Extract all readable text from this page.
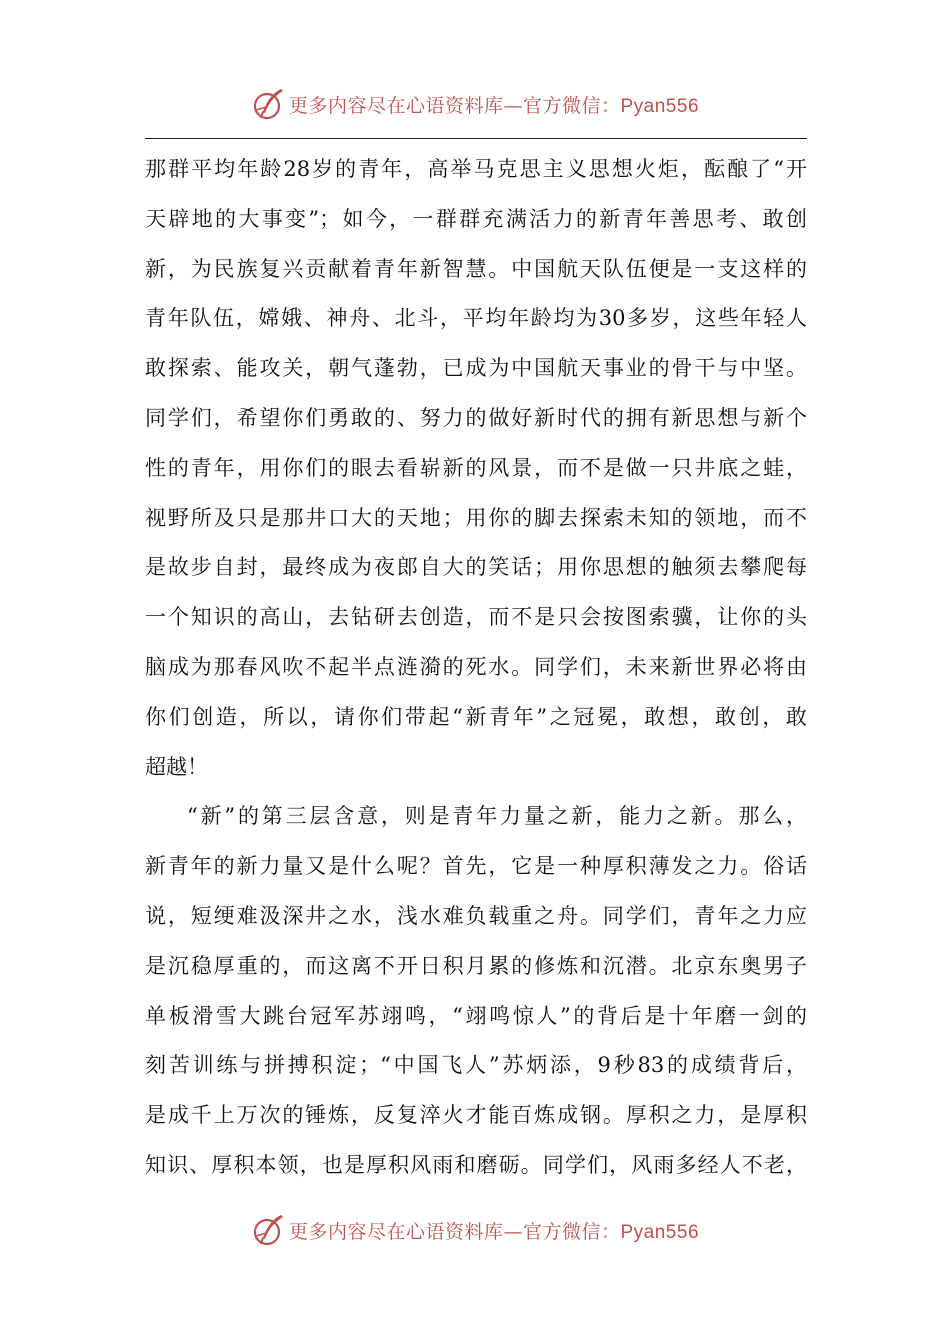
更多内容尽在心语资料库—官方微信：Pyan556
那群平均年龄28岁的青年，高举马克思主义思想火炬，酝酿了“开
天辟地的大事变”；如今，一群群充满活力的新青年善思考、敢创
新，为民族复兴贡献着青年新智慧。中国航天队伍便是一支这样的
青年队伍，嫦娥、神舟、北斗，平均年龄均为30多岁，这些年轻人
敢探索、能攻关，朝气蓬勃，已成为中国航天事业的骨干与中坚。
同学们，希望你们勇敢的、努力的做好新时代的拥有新思想与新个
性的青年，用你们的眼去看崭新的风景，而不是做一只井底之蛙，
视野所及只是那井口大的天地；用你的脚去探索未知的领地，而不
是故步自封，最终成为夜郎自大的笑话；用你思想的触须去攀爬每
一个知识的高山，去钻研去创造，而不是只会按图索骥，让你的头
脑成为那春风吹不起半点涟漪的死水。同学们，未来新世界必将由
你们创造，所以，请你们带起“新青年”之冠冕，敢想，敢创，敢
超越！
“新”的第三层含意，则是青年力量之新，能力之新。那么，
新青年的新力量又是什么呢？首先，它是一种厚积薄发之力。俗话
说，短绠难汲深井之水，浅水难负载重之舟。同学们，青年之力应
是沉稳厚重的，而这离不开日积月累的修炼和沉潜。北京东奥男子
单板滑雪大跳台冠军苏翊鸣，“翊鸣惊人”的背后是十年磨一剑的
刻苦训练与拼搏积淀；“中国飞人”苏炳添，9秒83的成绩背后，
是成千上万次的锤炼，反复淬火才能百炼成钢。厚积之力，是厚积
知识、厚积本领，也是厚积风雨和磨砺。同学们，风雨多经人不老，
更多内容尽在心语资料库—官方微信：Pyan556
